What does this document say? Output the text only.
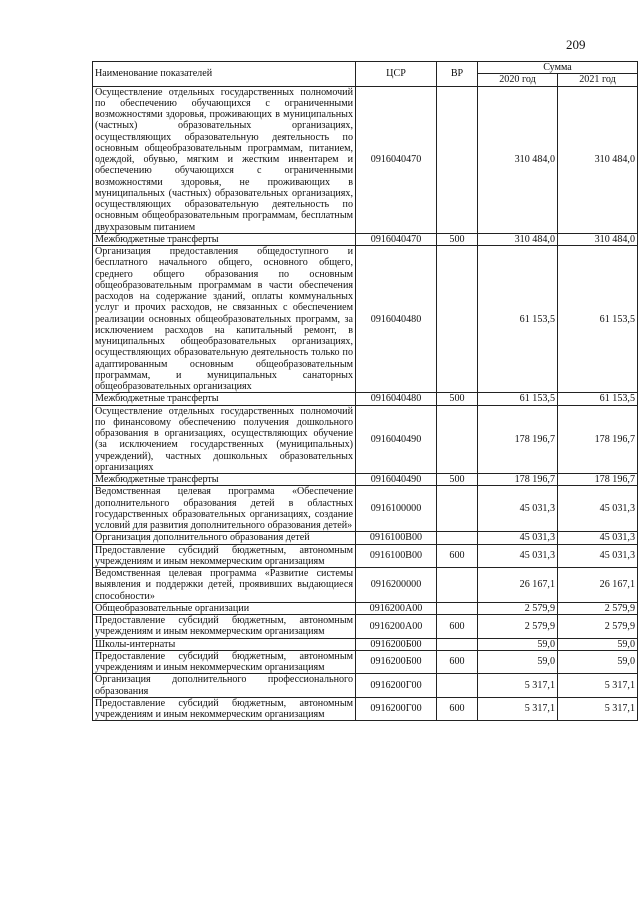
209
Наименование показателей	ЦСР	ВР	Сумма	
			2020 год	2021 год
Осуществление отдельных государственных полномочий по обеспечению обучающихся с ограниченными возможностями здоровья, проживающих в муниципальных (частных) образовательных организациях, осуществляющих образовательную деятельность по основным общеобразовательным программам, питанием, одеждой, обувью, мягким и жестким инвентарем и обеспечению обучающихся с ограниченными возможностями здоровья, не проживающих в муниципальных (частных) образовательных организациях, осуществляющих образовательную деятельность по основным общеобразовательным программам, бесплатным двухразовым питанием	0916040470		310 484,0	310 484,0
Межбюджетные трансферты	0916040470	500	310 484,0	310 484,0
Организация предоставления общедоступного и бесплатного начального общего, основного общего, среднего общего образования по основным общеобразовательным программам в части обеспечения расходов на содержание зданий, оплаты коммунальных услуг и прочих расходов, не связанных с обеспечением реализации основных общеобразовательных программ, за исключением расходов на капитальный ремонт, в муниципальных общеобразовательных организациях, осуществляющих образовательную деятельность только по адаптированным основным общеобразовательным программам, и муниципальных санаторных общеобразовательных организациях	0916040480		61 153,5	61 153,5
Межбюджетные трансферты	0916040480	500	61 153,5	61 153,5
Осуществление отдельных государственных полномочий по финансовому обеспечению получения дошкольного образования в организациях, осуществляющих обучение (за исключением государственных (муниципальных) учреждений), частных дошкольных образовательных организациях	0916040490		178 196,7	178 196,7
Межбюджетные трансферты	0916040490	500	178 196,7	178 196,7
Ведомственная целевая программа «Обеспечение дополнительного образования детей в областных государственных образовательных организациях, создание условий для развития дополнительного образования детей»	0916100000		45 031,3	45 031,3
Организация дополнительного образования детей	0916100В00		45 031,3	45 031,3
Предоставление субсидий бюджетным, автономным учреждениям и иным некоммерческим организациям	0916100В00	600	45 031,3	45 031,3
Ведомственная целевая программа «Развитие системы выявления и поддержки детей, проявивших выдающиеся способности»	0916200000		26 167,1	26 167,1
Общеобразовательные организации	0916200А00		2 579,9	2 579,9
Предоставление субсидий бюджетным, автономным учреждениям и иным некоммерческим организациям	0916200А00	600	2 579,9	2 579,9
Школы-интернаты	0916200Б00		59,0	59,0
Предоставление субсидий бюджетным, автономным учреждениям и иным некоммерческим организациям	0916200Б00	600	59,0	59,0
Организация дополнительного профессионального образования	0916200Г00		5 317,1	5 317,1
Предоставление субсидий бюджетным, автономным учреждениям и иным некоммерческим организациям	0916200Г00	600	5 317,1	5 317,1
